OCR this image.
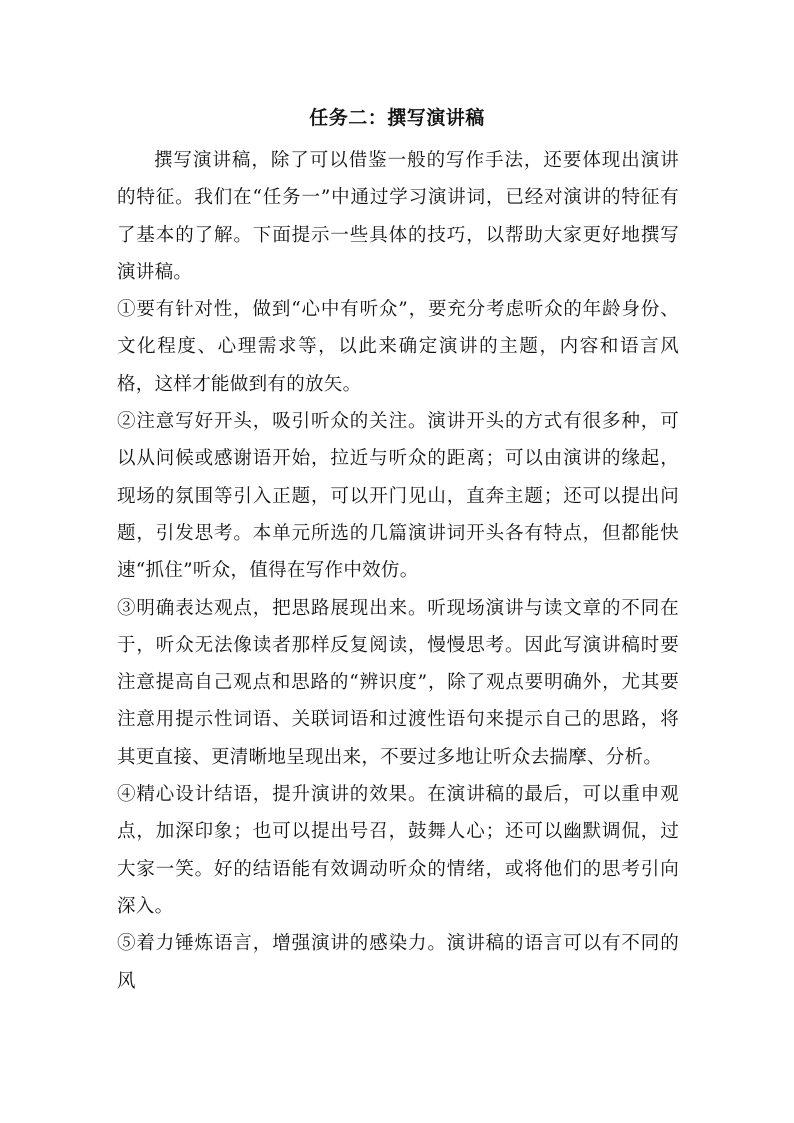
任务二：撰写演讲稿

撰写演讲稿，除了可以借鉴一般的写作手法，还要体现出演讲的特征。我们在“任务一”中通过学习演讲词，已经对演讲的特征有了基本的了解。下面提示一些具体的技巧，以帮助大家更好地撰写演讲稿。

①要有针对性，做到“心中有听众”，要充分考虑听众的年龄身份、文化程度、心理需求等，以此来确定演讲的主题，内容和语言风格，这样才能做到有的放矢。

②注意写好开头，吸引听众的关注。演讲开头的方式有很多种，可以从问候或感谢语开始，拉近与听众的距离；可以由演讲的缘起，现场的氛围等引入正题，可以开门见山，直奔主题；还可以提出问题，引发思考。本单元所选的几篇演讲词开头各有特点，但都能快速“抓住”听众，值得在写作中效仿。

③明确表达观点，把思路展现出来。听现场演讲与读文章的不同在于，听众无法像读者那样反复阅读，慢慢思考。因此写演讲稿时要注意提高自己观点和思路的“辨识度”，除了观点要明确外，尤其要注意用提示性词语、关联词语和过渡性语句来提示自己的思路，将其更直接、更清晰地呈现出来，不要过多地让听众去揣摩、分析。

④精心设计结语，提升演讲的效果。在演讲稿的最后，可以重申观点，加深印象；也可以提出号召，鼓舞人心；还可以幽默调侃，过大家一笑。好的结语能有效调动听众的情绪，或将他们的思考引向深入。

⑤着力锤炼语言，增强演讲的感染力。演讲稿的语言可以有不同的风
